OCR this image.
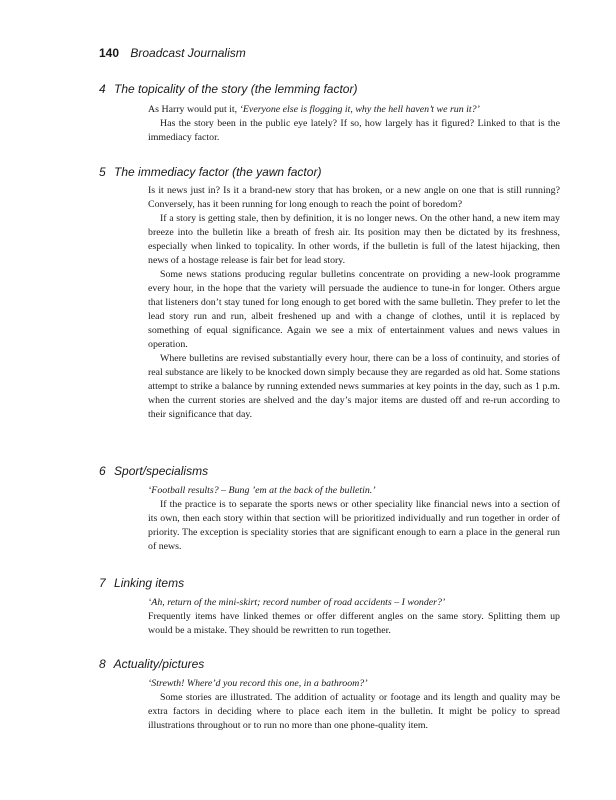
140 Broadcast Journalism
4 The topicality of the story (the lemming factor)

As Harry would put it, ‘Everyone else is flogging it, why the hell haven’t we run it?’

Has the story been in the public eye lately? If so, how largely has it figured? Linked to that is the immediacy factor.

5 The immediacy factor (the yawn factor)

Is it news just in? Is it a brand-new story that has broken, or a new angle on one that is still running? Conversely, has it been running for long enough to reach the point of boredom?

If a story is getting stale, then by definition, it is no longer news. On the other hand, a new item may breeze into the bulletin like a breath of fresh air. Its position may then be dictated by its freshness, especially when linked to topicality. In other words, if the bulletin is full of the latest hijacking, then news of a hostage release is fair bet for lead story.

Some news stations producing regular bulletins concentrate on providing a new-look programme every hour, in the hope that the variety will persuade the audience to tune-in for longer. Others argue that listeners don’t stay tuned for long enough to get bored with the same bulletin. They prefer to let the lead story run and run, albeit freshened up and with a change of clothes, until it is replaced by something of equal significance. Again we see a mix of entertainment values and news values in operation.

Where bulletins are revised substantially every hour, there can be a loss of continuity, and stories of real substance are likely to be knocked down simply because they are regarded as old hat. Some stations attempt to strike a balance by running extended news summaries at key points in the day, such as 1 p.m. when the current stories are shelved and the day’s major items are dusted off and re-run according to their significance that day.

6 Sport/specialisms

‘Football results? – Bung ’em at the back of the bulletin.’

If the practice is to separate the sports news or other speciality like financial news into a section of its own, then each story within that section will be prioritized individually and run together in order of priority. The exception is speciality stories that are significant enough to earn a place in the general run of news.

7 Linking items

‘Ah, return of the mini-skirt; record number of road accidents – I wonder?’

Frequently items have linked themes or offer different angles on the same story. Splitting them up would be a mistake. They should be rewritten to run together.

8 Actuality/pictures

‘Strewth! Where’d you record this one, in a bathroom?’

Some stories are illustrated. The addition of actuality or footage and its length and quality may be extra factors in deciding where to place each item in the bulletin. It might be policy to spread illustrations throughout or to run no more than one phone-quality item.
